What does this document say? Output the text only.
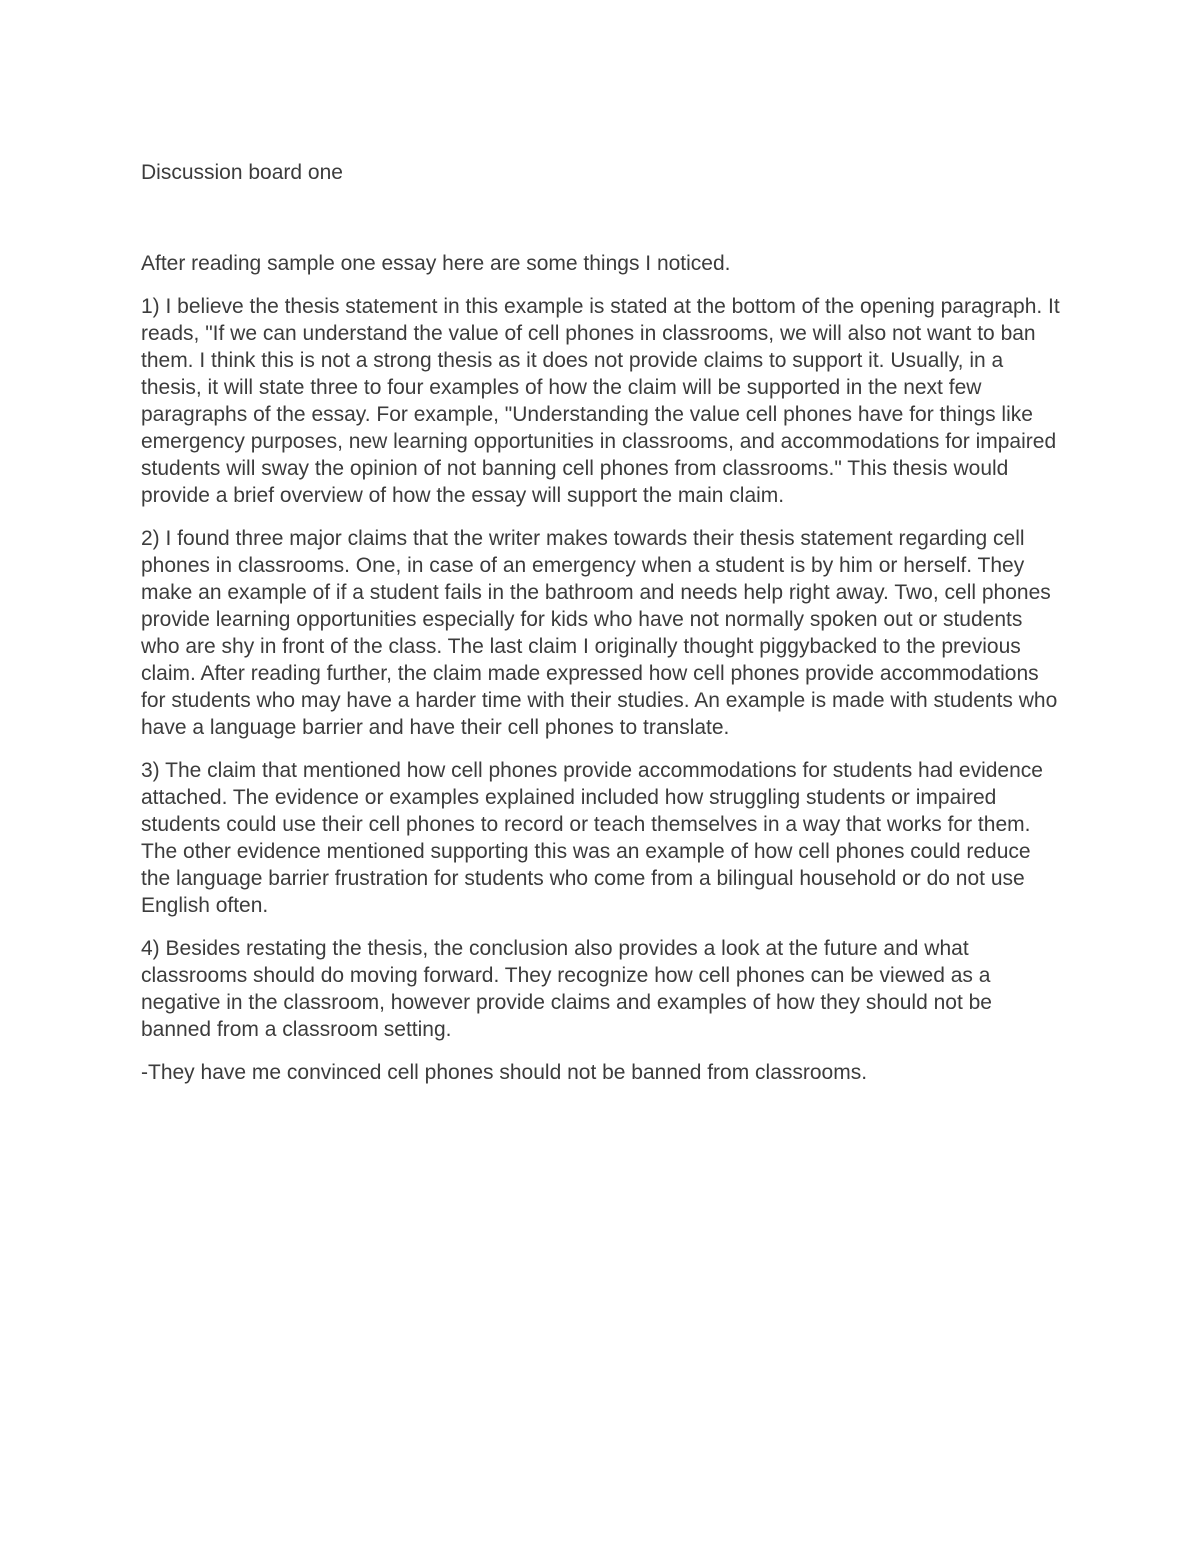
Discussion board one

After reading sample one essay here are some things I noticed.

1) I believe the thesis statement in this example is stated at the bottom of the opening paragraph. It reads, "If we can understand the value of cell phones in classrooms, we will also not want to ban them. I think this is not a strong thesis as it does not provide claims to support it. Usually, in a thesis, it will state three to four examples of how the claim will be supported in the next few paragraphs of the essay. For example, "Understanding the value cell phones have for things like emergency purposes, new learning opportunities in classrooms, and accommodations for impaired students will sway the opinion of not banning cell phones from classrooms." This thesis would provide a brief overview of how the essay will support the main claim.

2) I found three major claims that the writer makes towards their thesis statement regarding cell phones in classrooms. One, in case of an emergency when a student is by him or herself. They make an example of if a student fails in the bathroom and needs help right away. Two, cell phones provide learning opportunities especially for kids who have not normally spoken out or students who are shy in front of the class. The last claim I originally thought piggybacked to the previous claim. After reading further, the claim made expressed how cell phones provide accommodations for students who may have a harder time with their studies. An example is made with students who have a language barrier and have their cell phones to translate.

3) The claim that mentioned how cell phones provide accommodations for students had evidence attached. The evidence or examples explained included how struggling students or impaired students could use their cell phones to record or teach themselves in a way that works for them. The other evidence mentioned supporting this was an example of how cell phones could reduce the language barrier frustration for students who come from a bilingual household or do not use English often.

4) Besides restating the thesis, the conclusion also provides a look at the future and what classrooms should do moving forward. They recognize how cell phones can be viewed as a negative in the classroom, however provide claims and examples of how they should not be banned from a classroom setting.

-They have me convinced cell phones should not be banned from classrooms.
